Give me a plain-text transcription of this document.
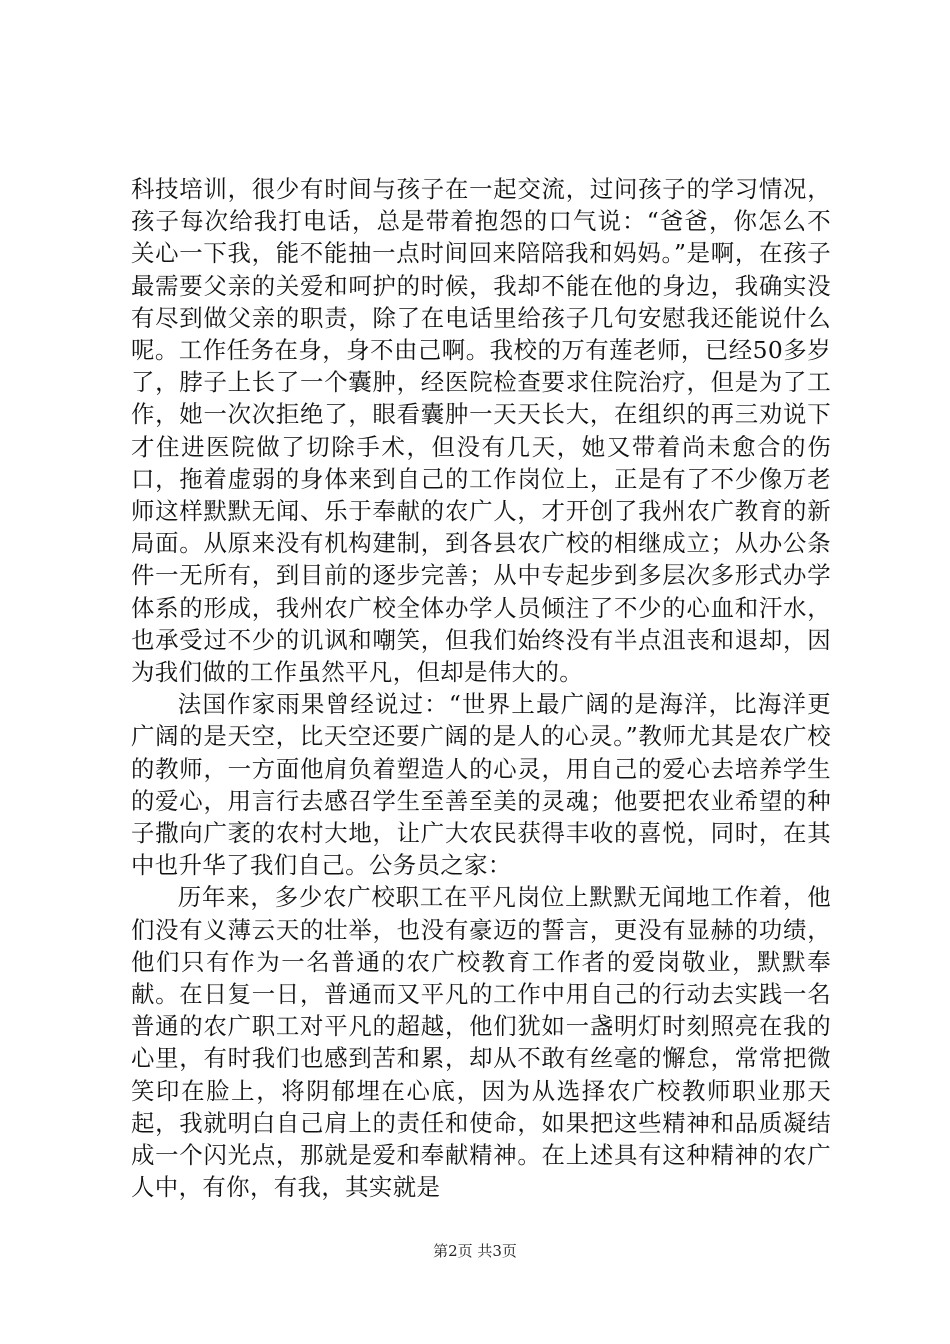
科技培训，很少有时间与孩子在一起交流，过问孩子的学习情况，孩子每次给我打电话，总是带着抱怨的口气说：“爸爸，你怎么不关心一下我，能不能抽一点时间回来陪陪我和妈妈。”是啊，在孩子最需要父亲的关爱和呵护的时候，我却不能在他的身边，我确实没有尽到做父亲的职责，除了在电话里给孩子几句安慰我还能说什么呢。工作任务在身，身不由己啊。我校的万有莲老师，已经50多岁了，脖子上长了一个囊肿，经医院检查要求住院治疗，但是为了工作，她一次次拒绝了，眼看囊肿一天天长大，在组织的再三劝说下才住进医院做了切除手术，但没有几天，她又带着尚未愈合的伤口，拖着虚弱的身体来到自己的工作岗位上，正是有了不少像万老师这样默默无闻、乐于奉献的农广人，才开创了我州农广教育的新局面。从原来没有机构建制，到各县农广校的相继成立；从办公条件一无所有，到目前的逐步完善；从中专起步到多层次多形式办学体系的形成，我州农广校全体办学人员倾注了不少的心血和汗水，也承受过不少的讥讽和嘲笑，但我们始终没有半点沮丧和退却，因为我们做的工作虽然平凡，但却是伟大的。

法国作家雨果曾经说过：“世界上最广阔的是海洋，比海洋更广阔的是天空，比天空还要广阔的是人的心灵。”教师尤其是农广校的教师，一方面他肩负着塑造人的心灵，用自己的爱心去培养学生的爱心，用言行去感召学生至善至美的灵魂；他要把农业希望的种子撒向广袤的农村大地，让广大农民获得丰收的喜悦，同时，在其中也升华了我们自己。公务员之家：

历年来，多少农广校职工在平凡岗位上默默无闻地工作着，他们没有义薄云天的壮举，也没有豪迈的誓言，更没有显赫的功绩，他们只有作为一名普通的农广校教育工作者的爱岗敬业，默默奉献。在日复一日，普通而又平凡的工作中用自己的行动去实践一名普通的农广职工对平凡的超越，他们犹如一盏明灯时刻照亮在我的心里，有时我们也感到苦和累，却从不敢有丝毫的懈怠，常常把微笑印在脸上，将阴郁埋在心底，因为从选择农广校教师职业那天起，我就明白自己肩上的责任和使命，如果把这些精神和品质凝结成一个闪光点，那就是爱和奉献精神。在上述具有这种精神的农广人中，有你，有我，其实就是

第2页 共3页
